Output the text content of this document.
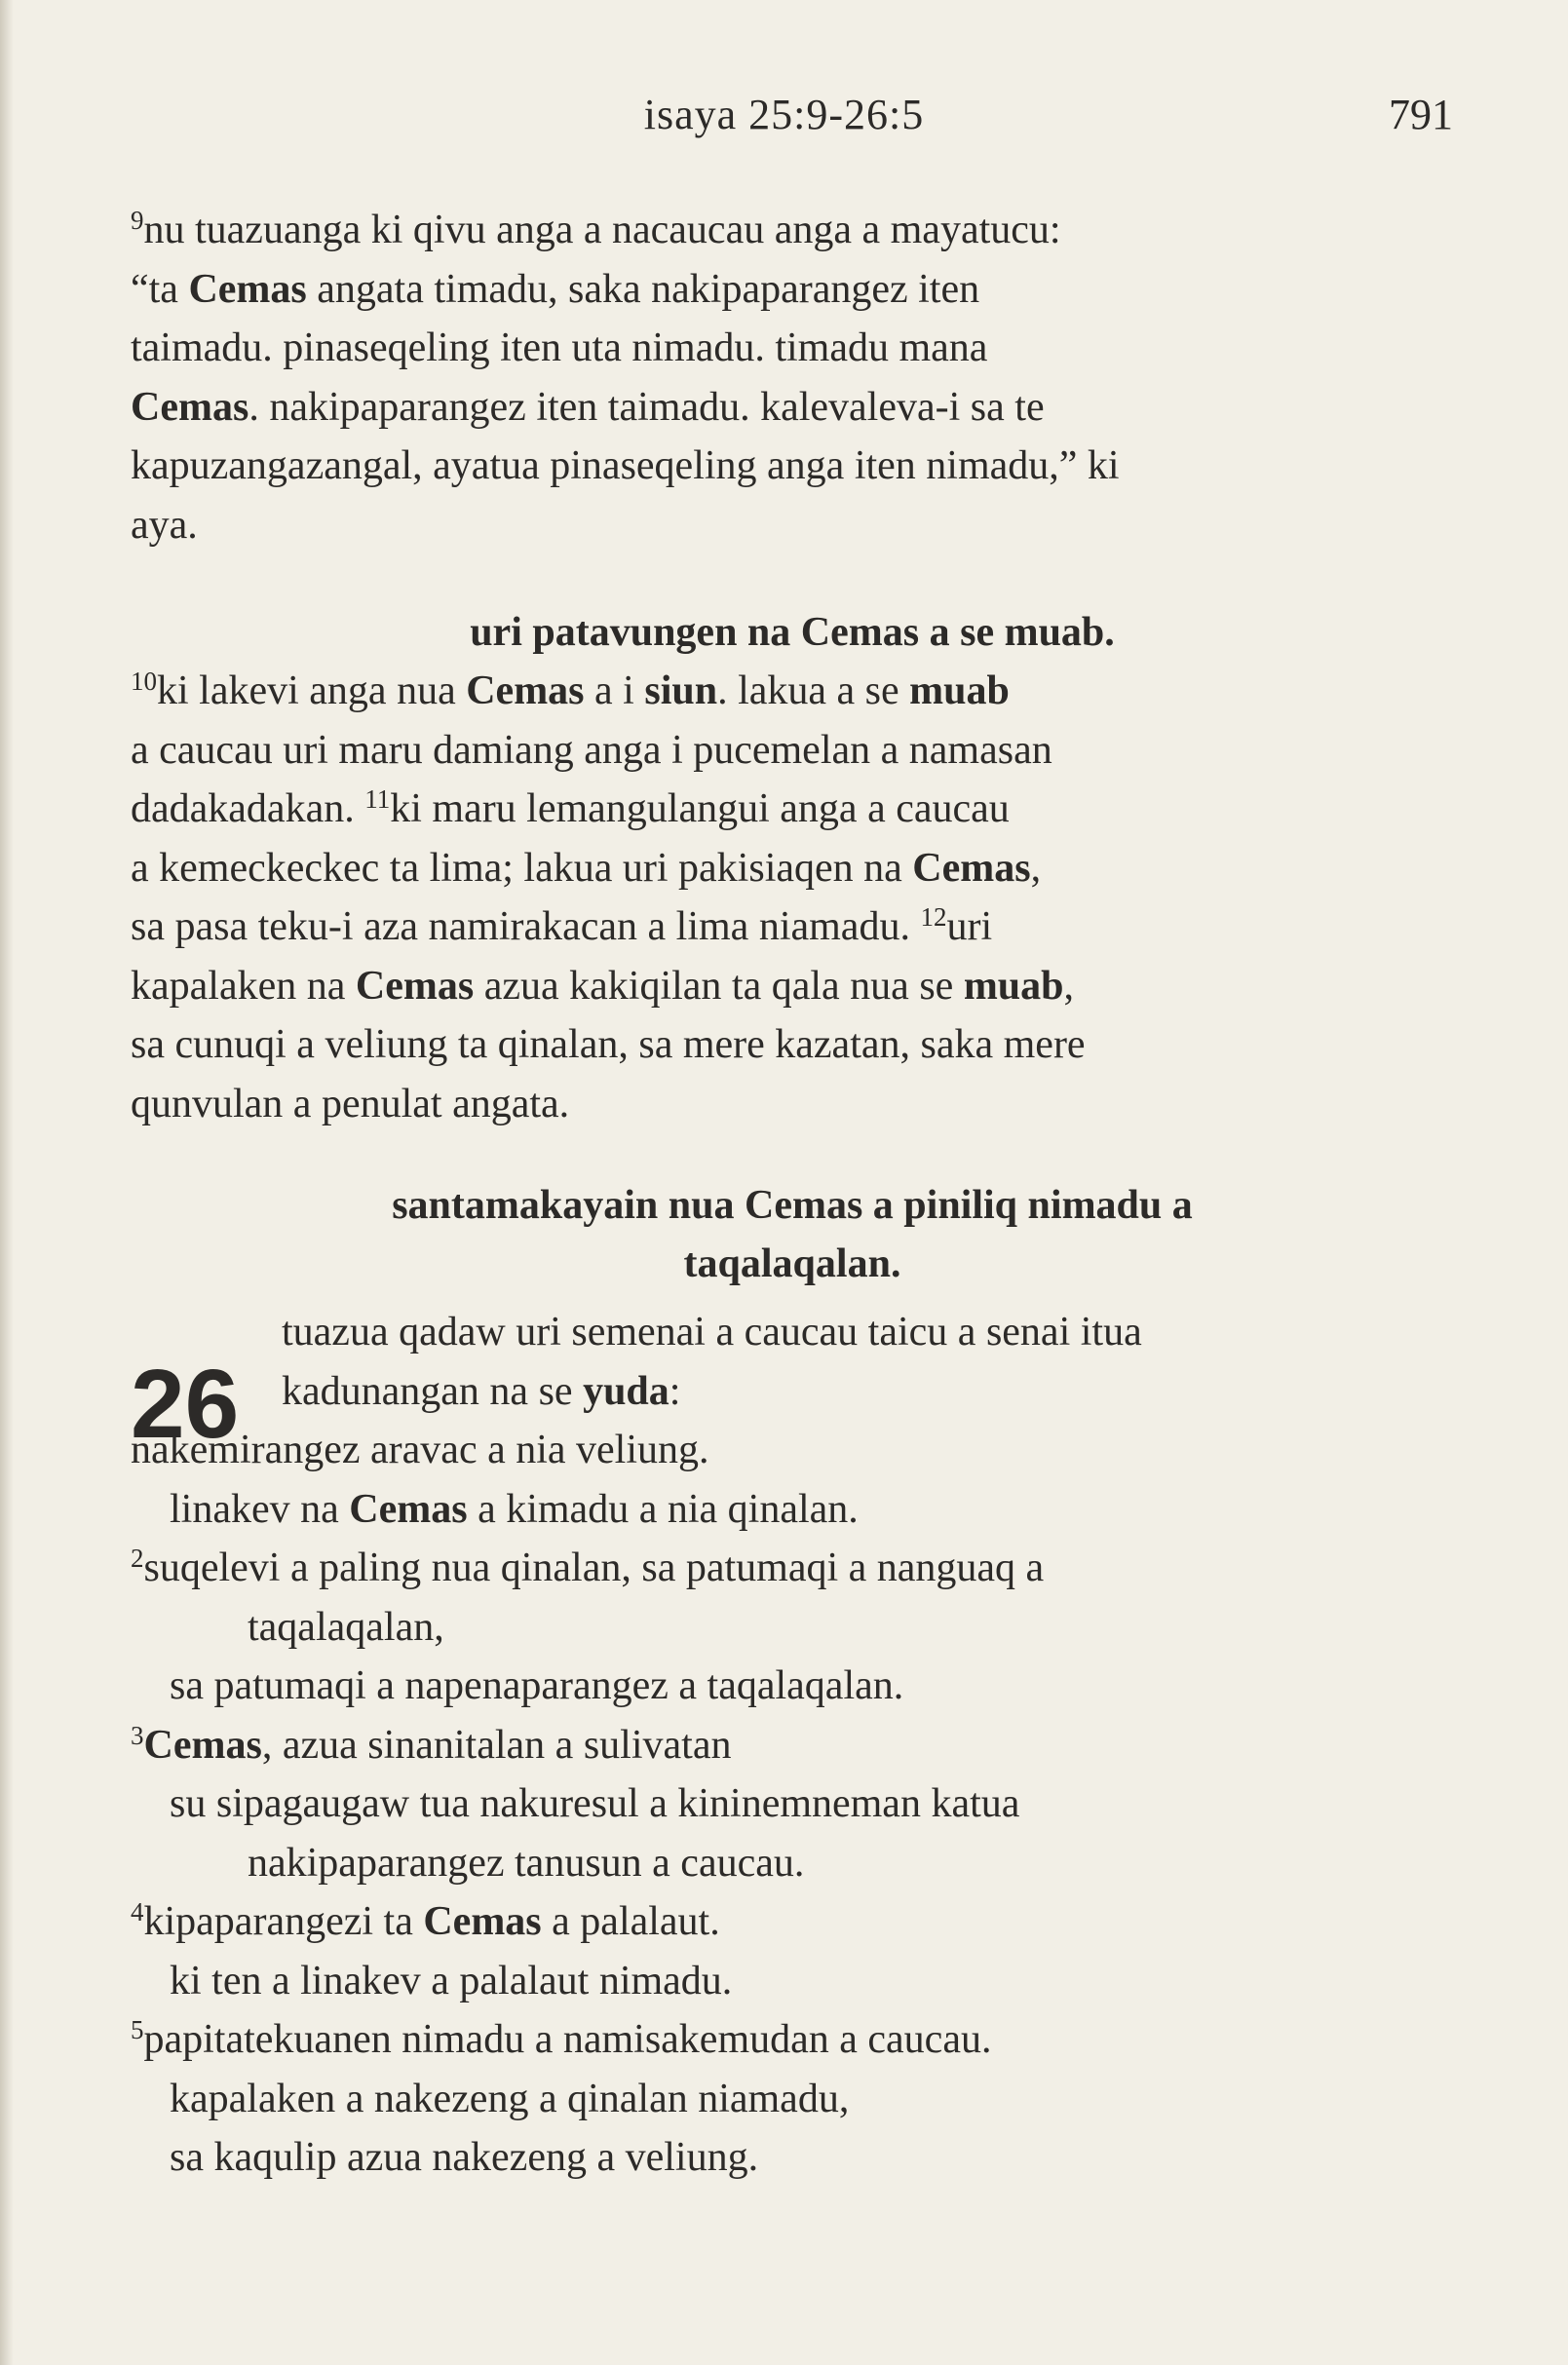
isaya 25:9-26:5	791

$^9$nu tuazuanga ki qivu anga a nacaucau anga a mayatucu:
“ta Cemas angata timadu, saka nakipaparangez iten
taimadu. pinaseqeling iten uta nimadu. timadu mana
Cemas. nakipaparangez iten taimadu. kalevaleva-i sa te
kapuzangazangal, ayatua pinaseqeling anga iten nimadu,” ki
aya.

uri patavungen na Cemas a se muab.

$^{10}$ki lakevi anga nua Cemas a i siun. lakua a se muab
a caucau uri maru damiang anga i pucemelan a namasan
dadakadakan. $^{11}$ki maru lemangulangui anga a caucau
a kemeckeckec ta lima; lakua uri pakisiaqen na Cemas,
sa pasa teku-i aza namirakacan a lima niamadu. $^{12}$uri
kapalaken na Cemas azua kakiqilan ta qala nua se muab,
sa cunuqi a veliung ta qinalan, sa mere kazatan, saka mere
qunvulan a penulat angata.

santamakayain nua Cemas a piniliq nimadu a taqalaqalan.

26

tuazua qadaw uri semenai a caucau taicu a senai itua
kadunangan na se yuda:

nakemirangez aravac a nia veliung.

linakev na Cemas a kimadu a nia qinalan.

$^2$suqelevi a paling nua qinalan, sa patumaqi a nanguaq a

taqalaqalan,

sa patumaqi a napenaparangez a taqalaqalan.

$^3$Cemas, azua sinanitalan a sulivatan

su sipagaugaw tua nakuresul a kininemneman katua

nakipaparangez tanusun a caucau.

$^4$kipaparangezi ta Cemas a palalaut.

ki ten a linakev a palalaut nimadu.

$^5$papitatekuanen nimadu a namisakemudan a caucau.

kapalaken a nakezeng a qinalan niamadu,

sa kaqulip azua nakezeng a veliung.
